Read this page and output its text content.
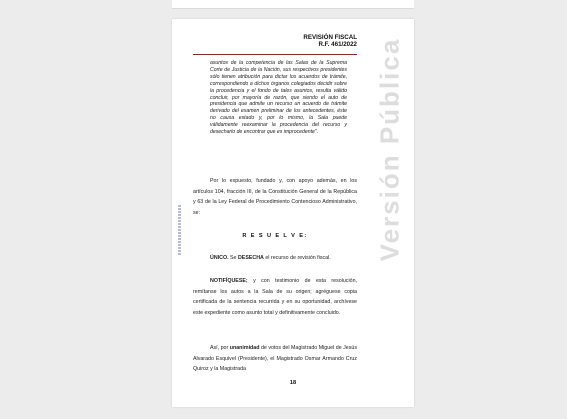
REVISIÓN FISCAL
R.F. 461/2022
asuntos de la competencia de las Salas de la Suprema Corte de Justicia de la Nación, sus respectivos presidentes sólo tienen atribución para dictar los acuerdos de trámite, correspondiendo a dichos órganos colegiados decidir sobre la procedencia y el fondo de tales asuntos, resulta válido concluir, por mayoría de razón, que siendo el auto de presidencia que admite un recurso un acuerdo de trámite derivado del examen preliminar de los antecedentes, éste no causa estado y, por lo mismo, la Sala puede válidamente reexaminar la procedencia del recurso y desecharlo de encontrar que es improcedente".
Por lo expuesto, fundado y, con apoyo además, en los artículos 104, fracción III, de la Constitución General de la República y 63 de la Ley Federal de Procedimiento Contencioso Administrativo, se:
R E S U E L V E:
ÚNICO. Se DESECHA el recurso de revisión fiscal.
NOTIFÍQUESE; y con testimonio de esta resolución, remítanse los autos a la Sala de su origen; agréguese copia certificada de la sentencia recurrida y en su oportunidad, archívese este expediente como asunto total y definitivamente concluido.
Así, por unanimidad de votos del Magistrado Miguel de Jesús Alvarado Esquivel (Presidente), el Magistrado Osmar Armando Cruz Quiroz y la Magistrada
18
Versión Pública
